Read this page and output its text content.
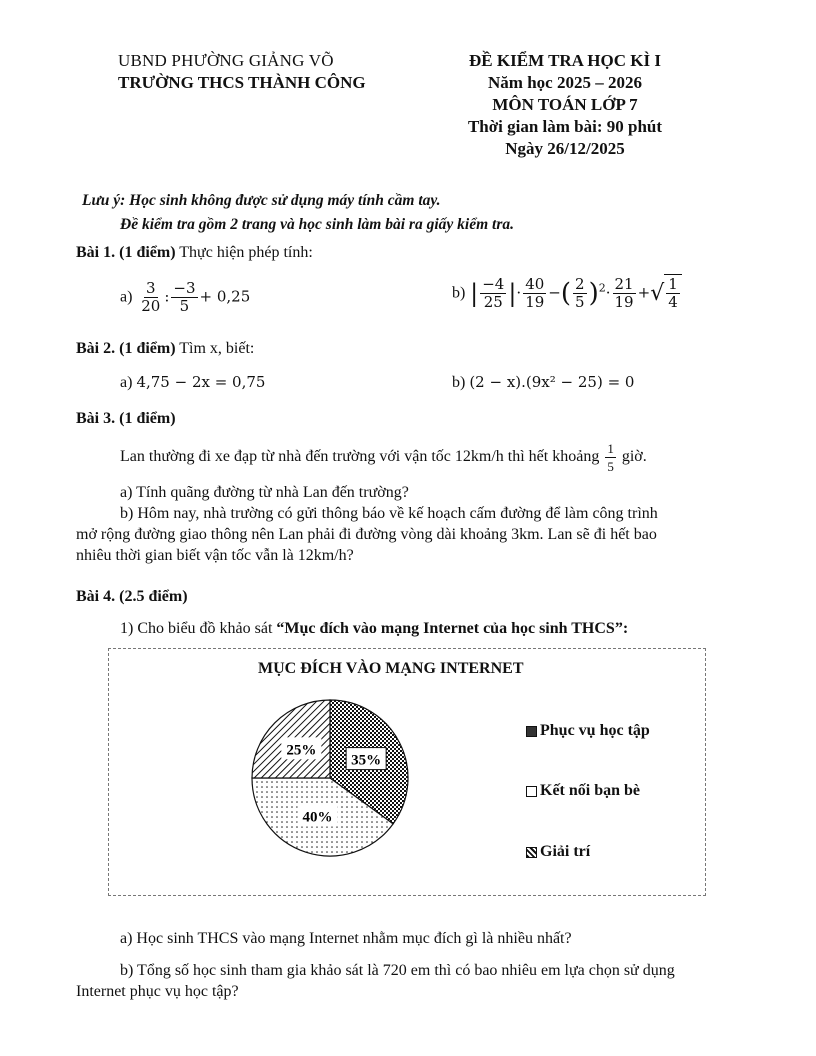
UBND PHƯỜNG GIẢNG VÕ
TRƯỜNG THCS THÀNH CÔNG
ĐỀ KIỂM TRA HỌC KÌ I
Năm học 2025 – 2026
MÔN TOÁN LỚP 7
Thời gian làm bài: 90 phút
Ngày 26/12/2025
Lưu ý: Học sinh không được sử dụng máy tính cầm tay.
Đề kiểm tra gồm 2 trang và học sinh làm bài ra giấy kiểm tra.
Bài 1. (1 điểm) Thực hiện phép tính:
$a) \frac{3}{20}$ : $\frac{-3}{5} + 0,25$	b) | $\frac{-4}{25}$ |· $\frac{40}{19}$ −( $\frac{2}{5} )^2\cdot \frac{21}{19}$ +√ $\frac{1}{4}$
Bài 2. (1 điểm) Tìm x, biết:
a) 4,75 − 2x = 0,75	b) (2 − x).(9x² − 25) = 0
Bài 3. (1 điểm)
Lan thường đi xe đạp từ nhà đến trường với vận tốc 12km/h thì hết khoảng $\frac{1}{5}$ giờ.
a) Tính quãng đường từ nhà Lan đến trường?
b) Hôm nay, nhà trường có gửi thông báo về kế hoạch cấm đường để làm công trình
mở rộng đường giao thông nên Lan phải đi đường vòng dài khoảng 3km. Lan sẽ đi hết bao
nhiêu thời gian biết vận tốc vẫn là 12km/h?
Bài 4. (2.5 điểm)
1) Cho biểu đồ khảo sát “Mục đích vào mạng Internet của học sinh THCS”:
MỤC ĐÍCH VÀO MẠNG INTERNET
35%
40%
25%
Phục vụ học tập
Kết nối bạn bè
Giải trí
a) Học sinh THCS vào mạng Internet nhằm mục đích gì là nhiều nhất?
b) Tổng số học sinh tham gia khảo sát là 720 em thì có bao nhiêu em lựa chọn sử dụng
Internet phục vụ học tập?
